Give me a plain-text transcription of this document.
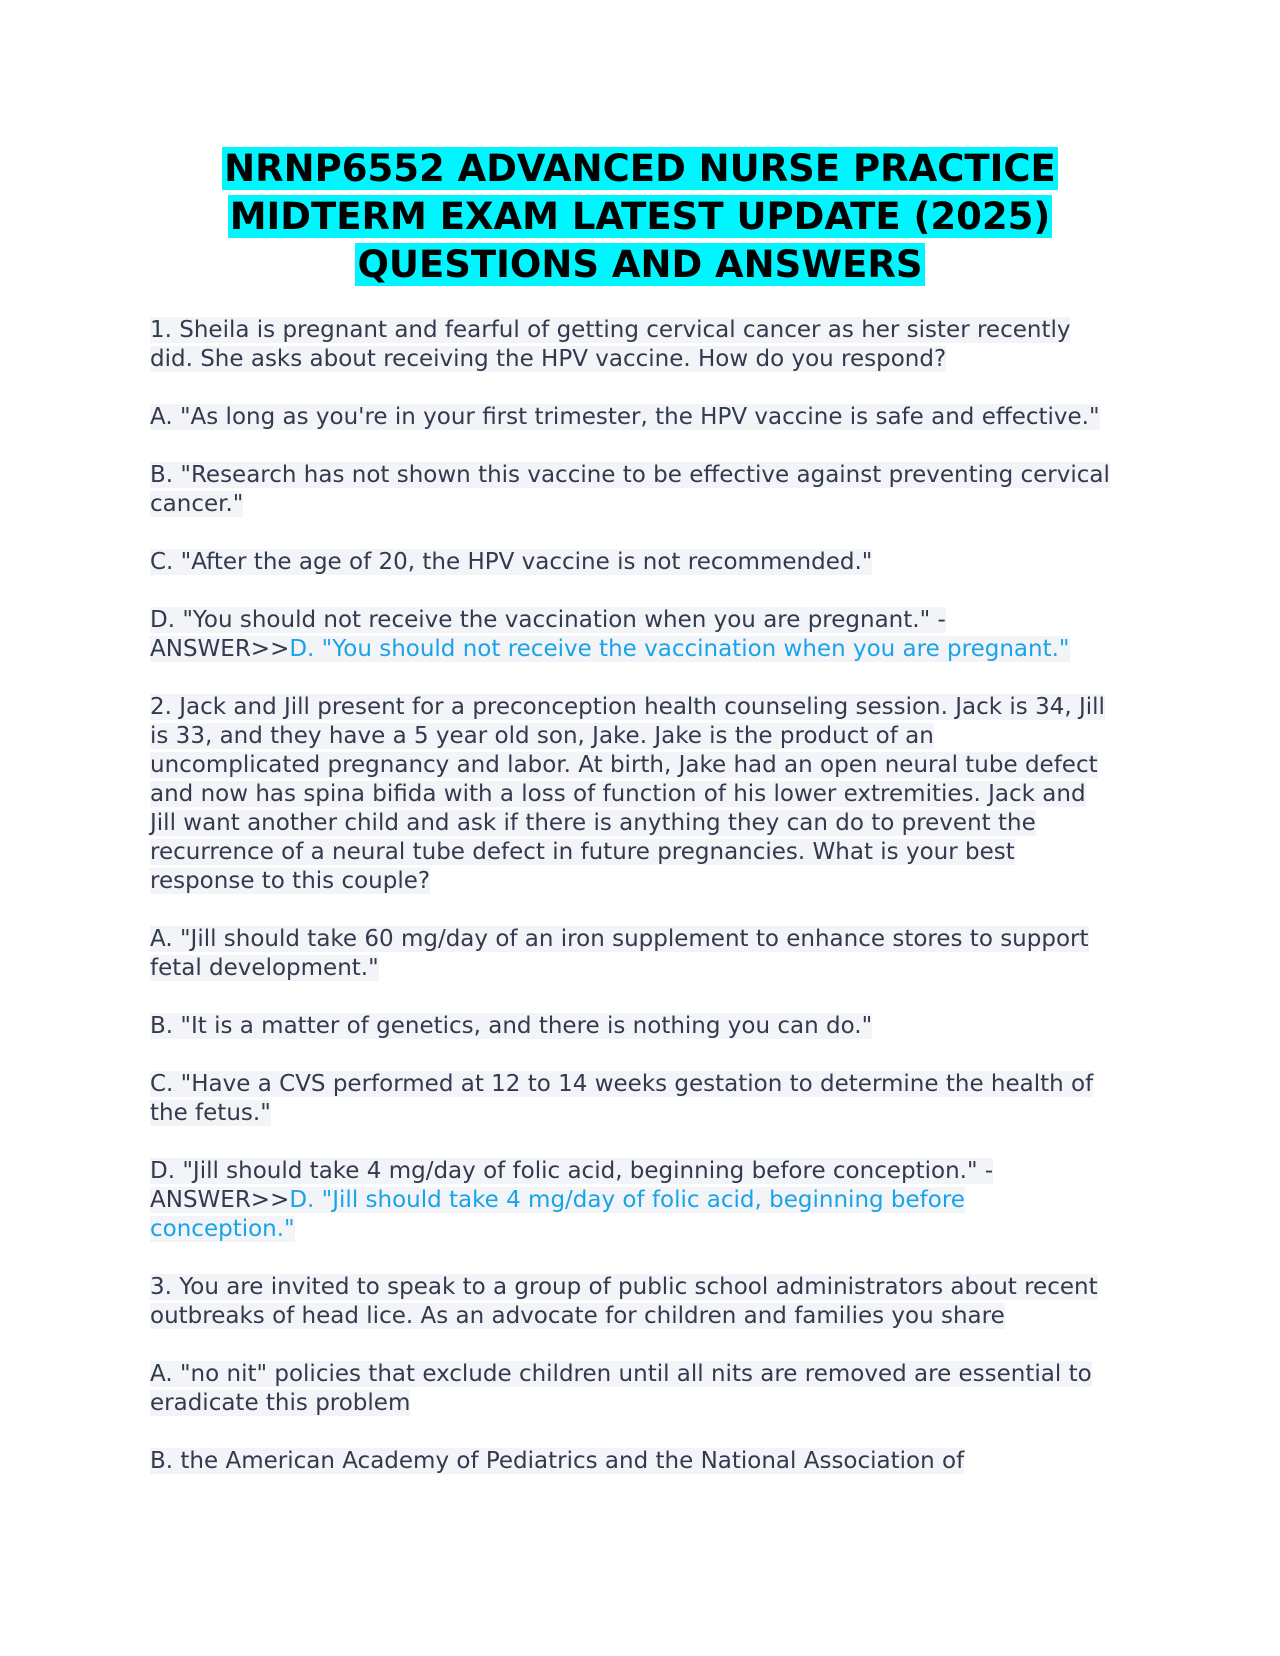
NRNP6552 ADVANCED NURSE PRACTICE
MIDTERM EXAM LATEST UPDATE (2025)
QUESTIONS AND ANSWERS

1. Sheila is pregnant and fearful of getting cervical cancer as her sister recently did. She asks about receiving the HPV vaccine. How do you respond?

A. "As long as you're in your first trimester, the HPV vaccine is safe and effective."

B. "Research has not shown this vaccine to be effective against preventing cervical cancer."

C. "After the age of 20, the HPV vaccine is not recommended."

D. "You should not receive the vaccination when you are pregnant." - ANSWER>>D. "You should not receive the vaccination when you are pregnant."

2. Jack and Jill present for a preconception health counseling session. Jack is 34, Jill is 33, and they have a 5 year old son, Jake. Jake is the product of an uncomplicated pregnancy and labor. At birth, Jake had an open neural tube defect and now has spina bifida with a loss of function of his lower extremities. Jack and Jill want another child and ask if there is anything they can do to prevent the recurrence of a neural tube defect in future pregnancies. What is your best response to this couple?

A. "Jill should take 60 mg/day of an iron supplement to enhance stores to support fetal development."

B. "It is a matter of genetics, and there is nothing you can do."

C. "Have a CVS performed at 12 to 14 weeks gestation to determine the health of the fetus."

D. "Jill should take 4 mg/day of folic acid, beginning before conception." - ANSWER>>D. "Jill should take 4 mg/day of folic acid, beginning before conception."

3. You are invited to speak to a group of public school administrators about recent outbreaks of head lice. As an advocate for children and families you share

A. "no nit" policies that exclude children until all nits are removed are essential to eradicate this problem

B. the American Academy of Pediatrics and the National Association of
